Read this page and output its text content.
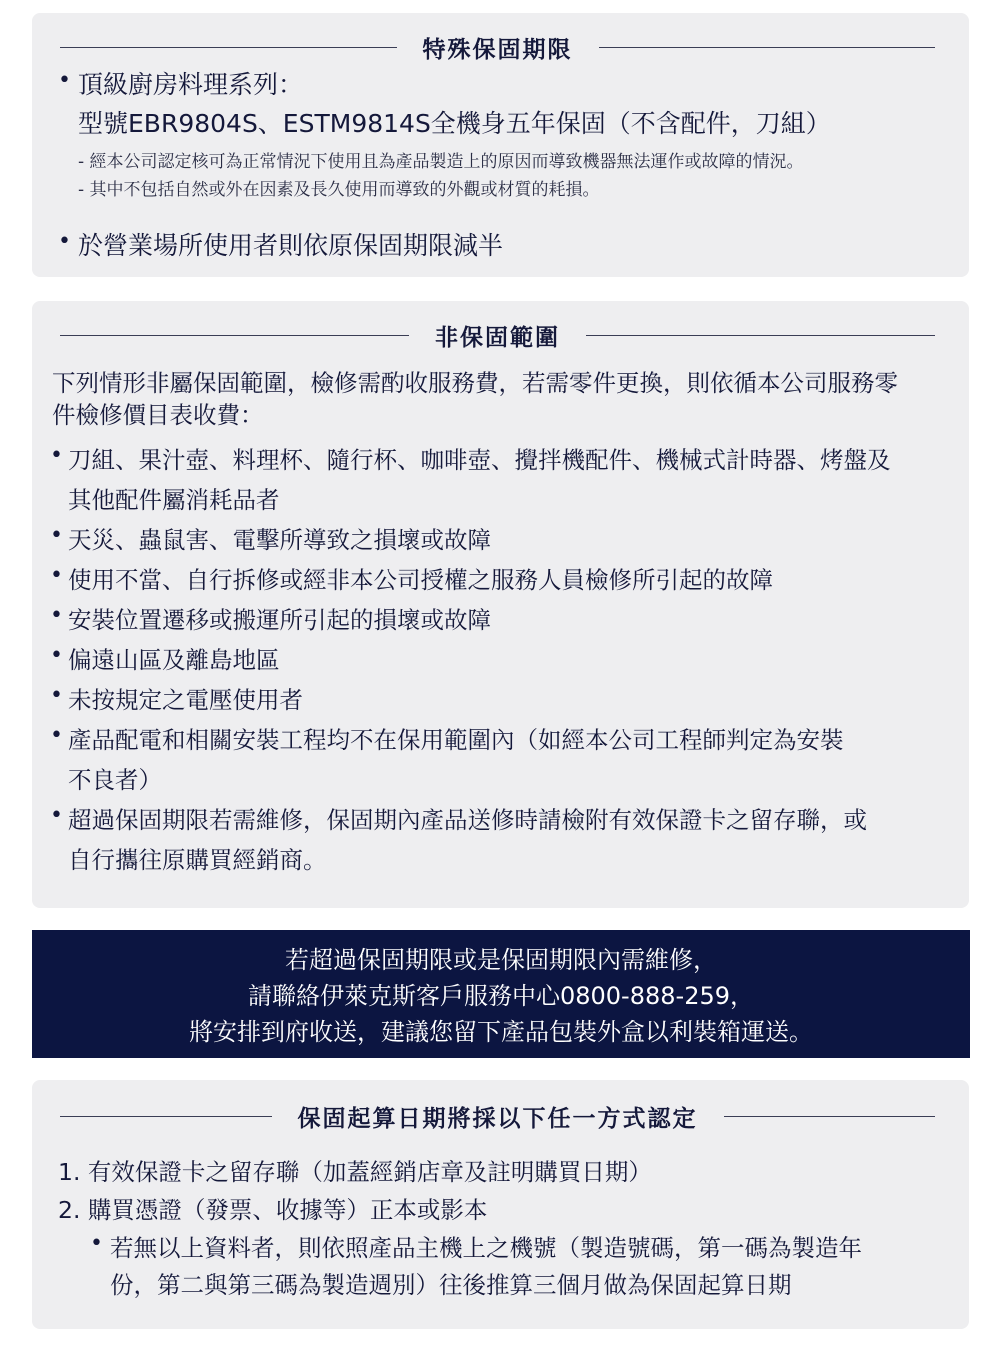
特殊保固期限
• 頂級廚房料理系列：
型號EBR9804S、ESTM9814S全機身五年保固（不含配件，刀組）
- 經本公司認定核可為正常情況下使用且為產品製造上的原因而導致機器無法運作或故障的情況。
- 其中不包括自然或外在因素及長久使用而導致的外觀或材質的耗損。
• 於營業場所使用者則依原保固期限減半
非保固範圍
下列情形非屬保固範圍，檢修需酌收服務費，若需零件更換，則依循本公司服務零
件檢修價目表收費：
• 刀組、果汁壺、料理杯、隨行杯、咖啡壺、攪拌機配件、機械式計時器、烤盤及
其他配件屬消耗品者
• 天災、蟲鼠害、電擊所導致之損壞或故障
• 使用不當、自行拆修或經非本公司授權之服務人員檢修所引起的故障
• 安裝位置遷移或搬運所引起的損壞或故障
• 偏遠山區及離島地區
• 未按規定之電壓使用者
• 產品配電和相關安裝工程均不在保用範圍內（如經本公司工程師判定為安裝
不良者）
• 超過保固期限若需維修，保固期內產品送修時請檢附有效保證卡之留存聯，或
自行攜往原購買經銷商。
若超過保固期限或是保固期限內需維修，
請聯絡伊萊克斯客戶服務中心0800-888-259，
將安排到府收送，建議您留下產品包裝外盒以利裝箱運送。
保固起算日期將採以下任一方式認定
1. 有效保證卡之留存聯（加蓋經銷店章及註明購買日期）
2. 購買憑證（發票、收據等）正本或影本
• 若無以上資料者，則依照產品主機上之機號（製造號碼，第一碼為製造年
份，第二與第三碼為製造週別）往後推算三個月做為保固起算日期
